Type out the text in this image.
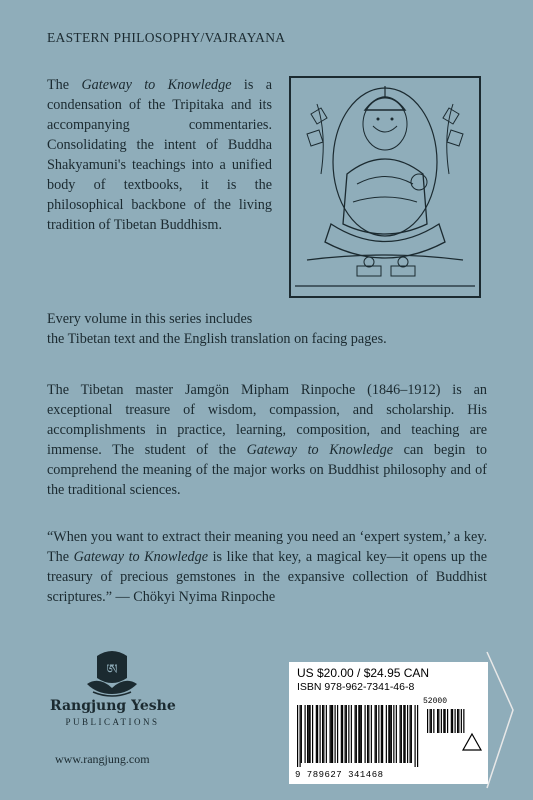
EASTERN PHILOSOPHY/VAJRAYANA
The Gateway to Knowledge is a condensation of the Tripitaka and its accompanying commentaries. Consolidating the intent of Buddha Shakyamuni's teachings into a unified body of textbooks, it is the philosophical backbone of the living tradition of Tibetan Buddhism.
Every volume in this series includes
the Tibetan text and the English translation on facing pages.
The Tibetan master Jamgön Mipham Rinpoche (1846–1912) is an exceptional treasure of wisdom, compassion, and scholarship. His accomplishments in practice, learning, composition, and teaching are immense. The student of the Gateway to Knowledge can begin to comprehend the meaning of the major works on Buddhist philosophy and of the traditional sciences.
“When you want to extract their meaning you need an ‘expert system,’ a key. The Gateway to Knowledge is like that key, a magical key—it opens up the treasury of precious gemstones in the expansive collection of Buddhist scriptures.” — Chökyi Nyima Rinpoche
ཨ
Rangjung Yeshe
PUBLICATIONS
www.rangjung.com
US $20.00 / $24.95 CAN
ISBN 978-962-7341-46-8
52000
9 789627 341468
